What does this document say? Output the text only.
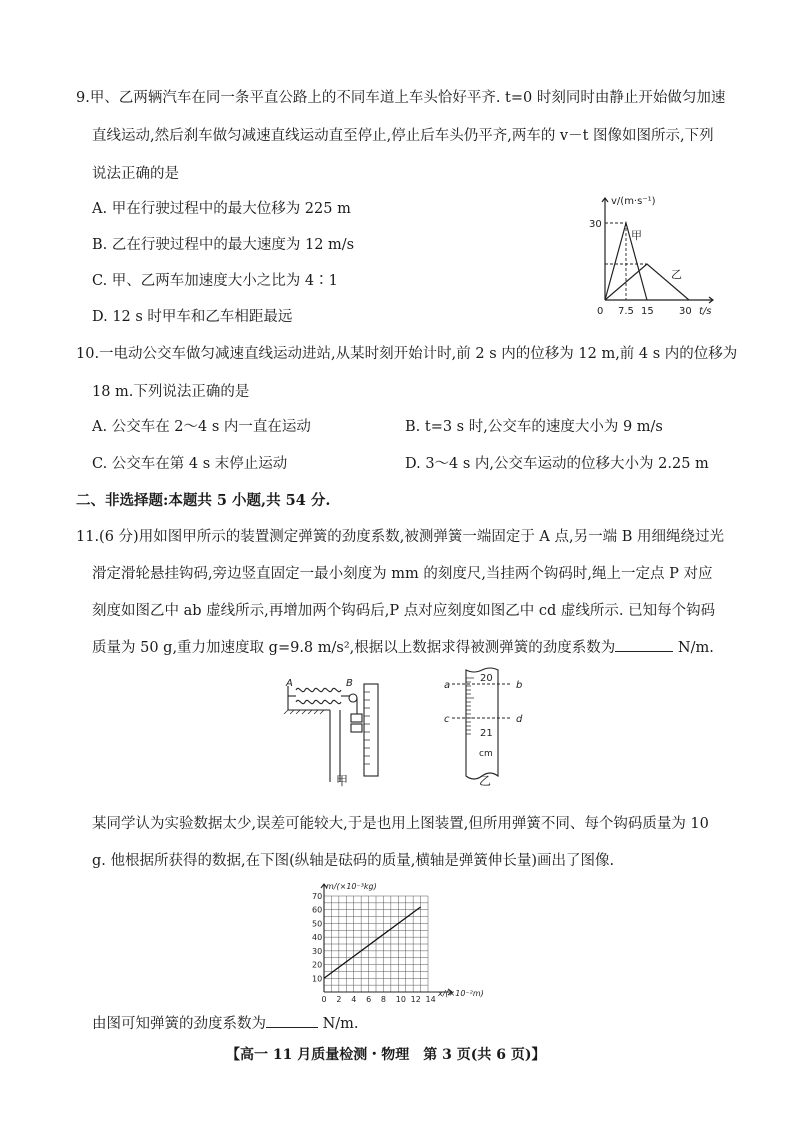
9.甲、乙两辆汽车在同一条平直公路上的不同车道上车头恰好平齐. t=0 时刻同时由静止开始做匀加速
直线运动,然后刹车做匀减速直线运动直至停止,停止后车头仍平齐,两车的 v－t 图像如图所示,下列
说法正确的是
A. 甲在行驶过程中的最大位移为 225 m
B. 乙在行驶过程中的最大速度为 12 m/s
C. 甲、乙两车加速度大小之比为 4∶1
D. 12 s 时甲车和乙车相距最远
v/(m·s⁻¹)
30
0 7.5 15	30 t/s
甲
乙
10.一电动公交车做匀减速直线运动进站,从某时刻开始计时,前 2 s 内的位移为 12 m,前 4 s 内的位移为
18 m.下列说法正确的是
A. 公交车在 2～4 s 内一直在运动	B. t=3 s 时,公交车的速度大小为 9 m/s
C. 公交车在第 4 s 末停止运动	D. 3～4 s 内,公交车运动的位移大小为 2.25 m
二、非选择题:本题共 5 小题,共 54 分.
11.(6 分)用如图甲所示的装置测定弹簧的劲度系数,被测弹簧一端固定于 A 点,另一端 B 用细绳绕过光
滑定滑轮悬挂钩码,旁边竖直固定一最小刻度为 mm 的刻度尺,当挂两个钩码时,绳上一定点 P 对应
刻度如图乙中 ab 虚线所示,再增加两个钩码后,P 点对应刻度如图乙中 cd 虚线所示. 已知每个钩码
质量为 50 g,重力加速度取 g=9.8 m/s²,根据以上数据求得被测弹簧的劲度系数为	N/m.
A	B
甲
a	b
c	d
20
21
cm
乙
某同学认为实验数据太少,误差可能较大,于是也用上图装置,但所用弹簧不同、每个钩码质量为 10
g. 他根据所获得的数据,在下图(纵轴是砝码的质量,横轴是弹簧伸长量)画出了图像.
0 2 4 6 8 10 12 14
10
20
30
40
50
60
70
m/(×10⁻³kg)
x/(×10⁻²m)
由图可知弹簧的劲度系数为	N/m.
【高一 11 月质量检测・物理　第 3 页(共 6 页)】
